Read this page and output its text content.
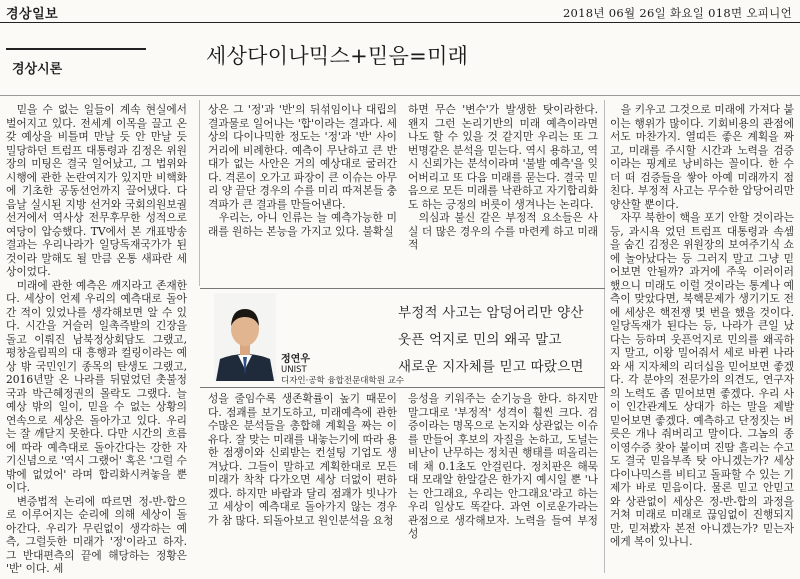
경상일보	2018년 06월 26일 화요일 018면 오피니언
경상시론
세상다이나믹스+믿음=미래

믿을 수 없는 일들이 계속 현실에서 벌어지고 있다. 전세계 이목을 끌고 온갖 예상을 비틀며 만날 듯 안 만날 듯 밀당하던 트럼프 대통령과 김정은 위원장의 미팅은 결국 일어났고, 그 법위와 시행에 관한 논란여지가 있지만 비핵화에 기초한 공동선언까지 끌어냈다. 다음날 실시된 지방 선거와 국회의원보궐 선거에서 역사상 전무후무한 성적으로 여당이 압승했다. TV에서 본 개표방송 결과는 우리나라가 일당독재국가가 된 것이라 말해도 될 만큼 온통 새파란 세상이었다.

미래에 관한 예측은 깨지라고 존재한다. 세상이 언제 우리의 예측대로 돌아간 적이 있었나를 생각해보면 알 수 있다. 시간을 거슬러 일촉즉발의 긴장을 돌고 이뤄진 남북정상회담도 그랬고, 평창올림픽의 대 흥행과 컬링이라는 예상 밖 국민인기 종목의 탄생도 그랬고, 2016년말 온 나라를 뒤덮었던 촛불정국과 박근혜정권의 몰락도 그랬다. 늘 예상 밖의 일이, 믿을 수 없는 상황의 연속으로 세상은 돌아가고 있다. 우리는 잘 깨닫지 못한다. 다만 시간의 흐름에 따라 예측대로 돌아간다는 강한 자기신념으로 '역시 그랬어' 혹은 '그럴 수밖에 없었어' 라며 합리화시켜놓을 뿐이다.

변증법적 논리에 따르면 정-반-합으로 이루어지는 순리에 의해 세상이 돌아간다. 우리가 무린없이 생각하는 예측, 그럴듯한 미래가 '정'이라고 하자. 그 반대편측의 끝에 해당하는 정황은 '반' 이다. 세

상은 그 '정'과 '반'의 뒤섞임이나 대립의 결과물로 일어나는 '합'이라는 결과다. 세상의 다이나믹한 정도는 '정'과 '반' 사이 거리에 비례한다. 예측이 무난하고 큰 반대가 없는 사안은 거의 예상대로 굴러간다. 격론이 오가고 파장이 큰 이슈는 아무리 양 끝단 경우의 수를 미리 따져본들 충격파가 큰 결과를 만들어낸다.

우리는, 아니 인류는 늘 예측가능한 미래를 원하는 본능을 가지고 있다. 불확실

하면 무슨 '변수'가 발생한 탓이라한다. 왠지 그런 논리기반의 미래 예측이라면 나도 할 수 있을 것 같지만 우리는 또 그 번명같은 분석을 믿는다. 역시 용하고, 역시 신뢰가는 분석이라며 '불발 예측'을 잊어버리고 또 다음 미래를 묻는다. 결국 믿음으로 모든 미래를 낙관하고 자기합리화도 하는 긍정의 버릇이 생겨나는 논리다.

의심과 불신 같은 부정적 요소들은 사실 더 많은 경우의 수를 마련케 하고 미래 적

을 키우고 그것으로 미래에 가져다 붙이는 행위가 많이다. 기회비용의 관점에서도 마찬가지. 열띠든 좋은 계획을 짜고, 미래를 주시할 시간과 노력을 검증이라는 핑계로 낭비하는 꼴이다. 한 수 더 떠 검증들을 쌓아 아예 미래까지 점친다. 부정적 사고는 무수한 압당어리만 양산할 뿐이다.

자꾸 북한이 핵을 포기 안할 것이라는 등, 과시욕 었던 트럼프 대통령과 속셈을 숨긴 김정은 위원장의 보여주기식 쇼에 놀아났다는 등 그러지 말고 그냥 믿어보면 안될까? 과거에 주욱 이러이러했으니 미래도 이럴 것이라는 통계나 예측이 맞았다면, 북핵문제가 생기기도 전에 세상은 핵전쟁 몇 번을 했을 것이다. 일당독재가 된다는 등, 나라가 큰일 났다는 등하며 웃픈억지로 민의를 왜곡하지 말고, 이왕 밀어줘서 세로 바뀐 나라와 새 지자체의 리더십을 믿어보면 좋겠다. 각 분야의 전문가의 의견도, 연구자의 노력도 좀 믿어보면 좋겠다. 우리 사이 인간관계도 상대가 하는 말을 제발 믿어보면 좋겠다. 예측하고 단정짓는 버릇은 개나 줘버리고 말이다. 그놈의 종이영수증 찾아 붙이며 진땀 흘리는 수고도 결국 믿음부족 탓 아니겠는가? 세상 다이나믹스를 비티고 돌파할 수 있는 기제가 바로 믿음이다. 물론 믿고 안믿고와 상관없이 세상은 정-반-합의 과정을 거쳐 미래로 미래로 끊임없이 진행되지만, 믿져봤자 본전 아니겠는가? 믿는자에게 복이 있나니.

정연우
UNIST
디자인·공학 융합전문대학원 교수
부정적 사고는 암덩어리만 양산
웃픈 억지로 민의 왜곡 말고
새로운 지자체를 믿고 따랐으면

성을 줄임수록 생존확률이 높기 때문이다. 점괘를 보기도하고, 미래예측에 관한 수많은 분석들을 총합해 계획을 짜는 이유다. 잘 맞는 미래를 내놓는기에 따라 용한 점쟁이와 신뢰받는 컨설팅 기업도 생겨났다. 그들이 말하고 계획한대로 모든 미래가 착착 다가오면 세상 더없이 편하겠다. 하지만 바람과 달리 점괘가 빗나가고 세상이 예측대로 돌아가지 않는 경우가 참 많다. 되돌아보고 원인분석을 요청

응성을 키워주는 순기능을 한다. 하지만 말그대로 '부정적' 성격이 훨씬 크다. 검증이라는 명목으로 논지와 상관없는 이슈를 만들어 후보의 자질을 논하고, 도널는 비난이 난무하는 정치권 행태를 떠올리는 데 채 0.1초도 안걸린다. 정치판은 해묵대 모래알 한알갈은 한가지 예시일 뿐 '나는 안그래요, 우리는 안그래요'라고 하는 우리 일상도 똑같다. 과연 이로운가라는 관점으로 생각해보자. 노력을 들여 부정성
